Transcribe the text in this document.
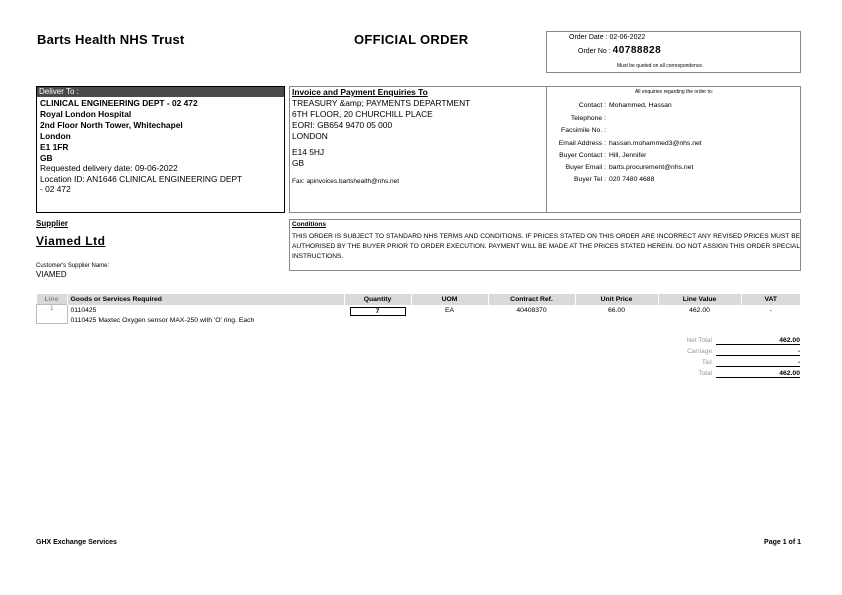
Barts Health NHS Trust	OFFICIAL ORDER	Order Date : 02-06-2022
Order No : 40788828
Must be quoted on all correspondence.
Deliver To :
CLINICAL ENGINEERING DEPT - 02 472
Royal London Hospital
2nd Floor North Tower, Whitechapel
London
E1 1FR
GB
Requested delivery date: 09-06-2022
Location ID: AN1646 CLINICAL ENGINEERING DEPT
- 02 472
Invoice and Payment Enquiries To
TREASURY &amp; PAYMENTS DEPARTMENT
6TH FLOOR, 20 CHURCHILL PLACE
EORI: GB654 9470 05 000
LONDON
E14 5HJ
GB
Fax: apinvoices.bartshealth@nhs.net
All enquiries regarding the order to:
Contact : Mohammed, Hassan
Telephone :
Facsimile No. :
Email Address : hassan.mohammed3@nhs.net
Buyer Contact : Hill, Jennifer
Buyer Email : barts.procurement@nhs.net
Buyer Tel : 020 7480 4688
Supplier
Viamed Ltd
Customer's Supplier Name:
VIAMED
Conditions
THIS ORDER IS SUBJECT TO STANDARD NHS TERMS AND CONDITIONS. IF PRICES STATED ON THIS ORDER ARE INCORRECT ANY REVISED PRICES MUST BE AUTHORISED BY THE BUYER PRIOR TO ORDER EXECUTION. PAYMENT WILL BE MADE AT THE PRICES STATED HEREIN. DO NOT ASSIGN THIS ORDER SPECIAL INSTRUCTIONS.
Line	Goods or Services Required	Quantity	UOM	Contract Ref.	Unit Price	Line Value	VAT
1	0110425	7	EA	40408370	66.00	462.00	-
	0110425 Maxtec Oxygen sensor MAX-250 with 'O' ring. Each						
Net Total	462.00
Carriage	-
Tax	-
Total	462.00
GHX Exchange Services	Page 1 of 1
